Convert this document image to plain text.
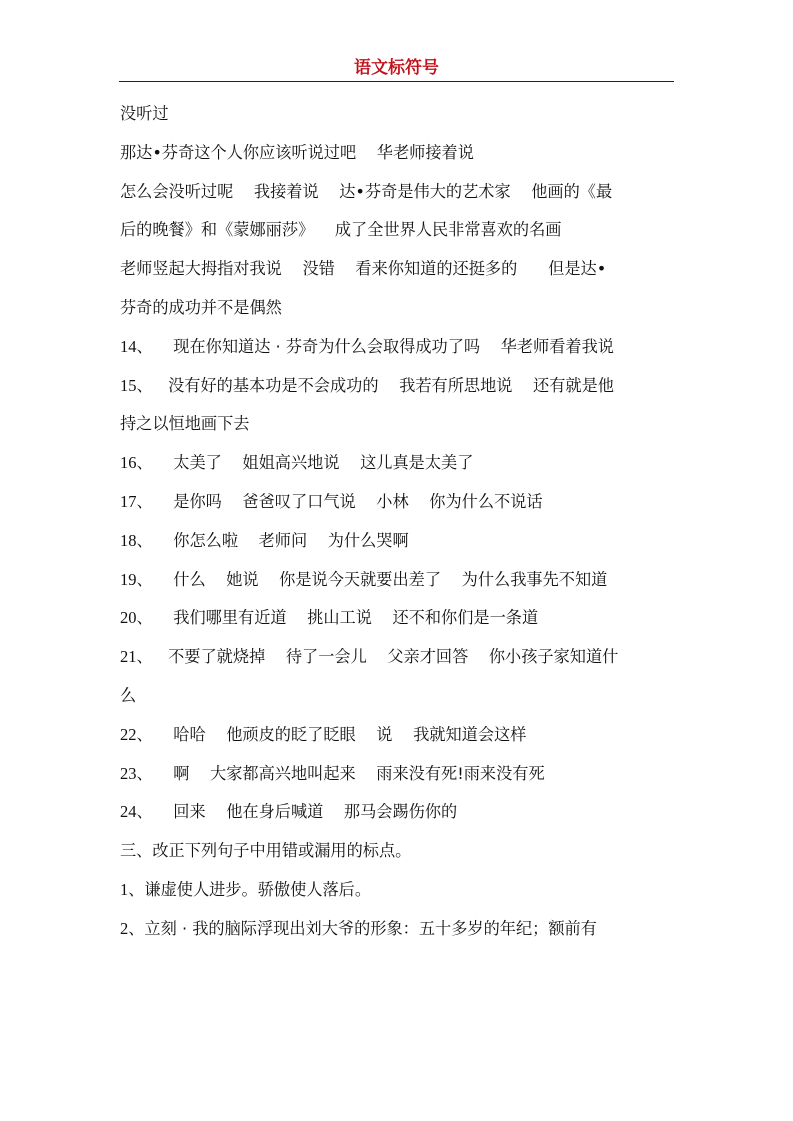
语文标符号
没听过
那达•芬奇这个人你应该听说过吧    华老师接着说
怎么会没听过呢    我接着说    达•芬奇是伟大的艺术家    他画的《最
后的晚餐》和《蒙娜丽莎》    成了全世界人民非常喜欢的名画
老师竖起大拇指对我说    没错    看来你知道的还挺多的      但是达•
芬奇的成功并不是偶然
14、    现在你知道达 · 芬奇为什么会取得成功了吗    华老师看着我说
15、   没有好的基本功是不会成功的    我若有所思地说    还有就是他
持之以恒地画下去
16、    太美了    姐姐高兴地说    这儿真是太美了
17、    是你吗    爸爸叹了口气说    小林    你为什么不说话
18、    你怎么啦    老师问    为什么哭啊
19、    什么    她说    你是说今天就要出差了    为什么我事先不知道
20、    我们哪里有近道    挑山工说    还不和你们是一条道
21、   不要了就烧掉    待了一会儿    父亲才回答    你小孩子家知道什
么
22、    哈哈    他顽皮的眨了眨眼    说    我就知道会这样
23、    啊    大家都高兴地叫起来    雨来没有死!雨来没有死
24、    回来    他在身后喊道    那马会踢伤你的
三、改正下列句子中用错或漏用的标点。
1、谦虚使人进步。骄傲使人落后。
2、立刻 · 我的脑际浮现出刘大爷的形象：五十多岁的年纪；额前有
